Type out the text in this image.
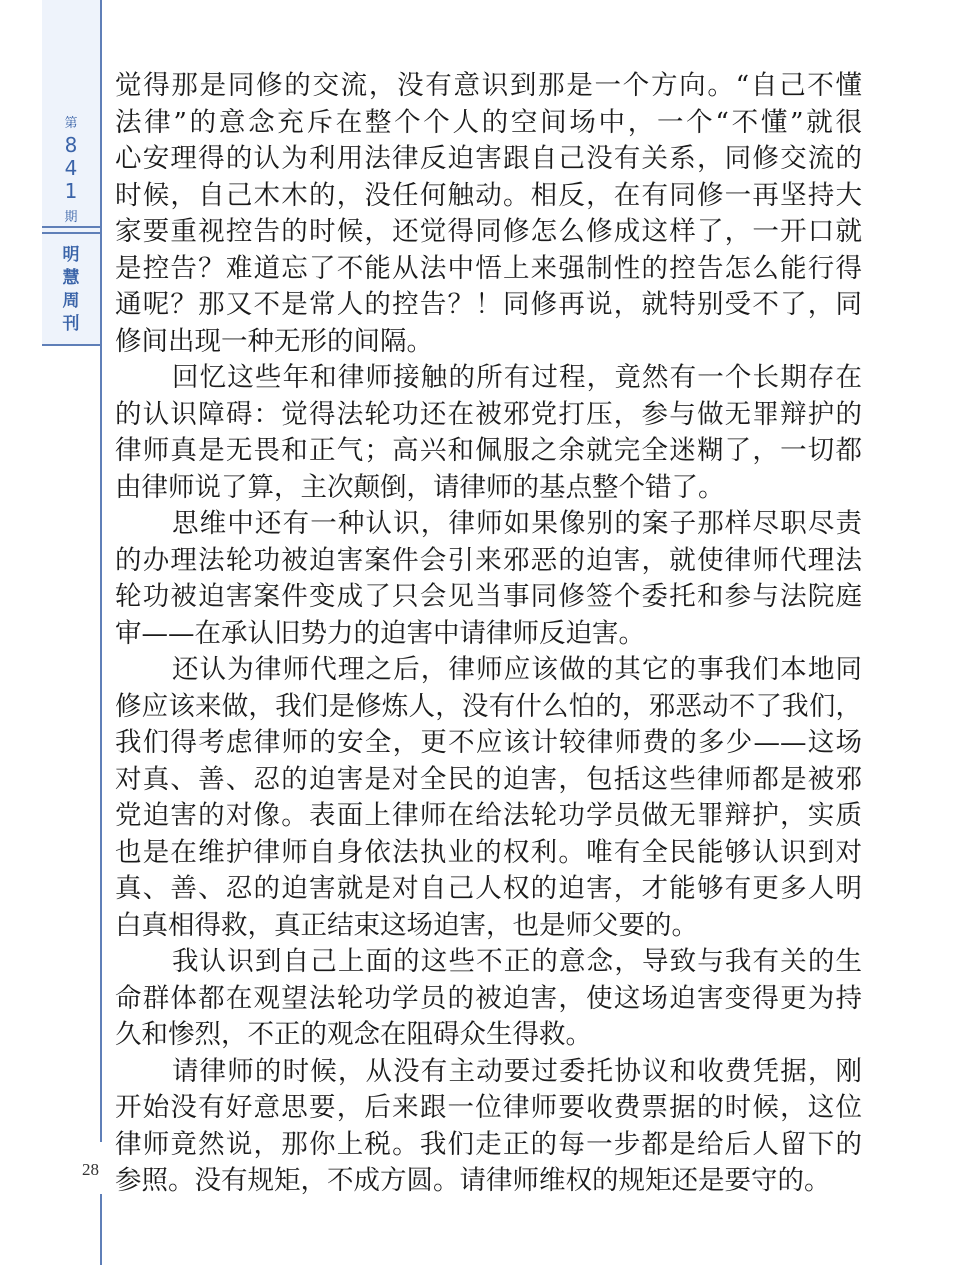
第
8
4
1
期
明
慧
周
刊
觉得那是同修的交流，没有意识到那是一个方向。“自己不懂
法律”的意念充斥在整个个人的空间场中，一个“不懂”就很
心安理得的认为利用法律反迫害跟自己没有关系，同修交流的
时候，自己木木的，没任何触动。相反，在有同修一再坚持大
家要重视控告的时候，还觉得同修怎么修成这样了，一开口就
是控告？难道忘了不能从法中悟上来强制性的控告怎么能行得
通呢？那又不是常人的控告？！同修再说，就特别受不了，同
修间出现一种无形的间隔。
回忆这些年和律师接触的所有过程，竟然有一个长期存在
的认识障碍：觉得法轮功还在被邪党打压，参与做无罪辩护的
律师真是无畏和正气；高兴和佩服之余就完全迷糊了，一切都
由律师说了算，主次颠倒，请律师的基点整个错了。
思维中还有一种认识，律师如果像别的案子那样尽职尽责
的办理法轮功被迫害案件会引来邪恶的迫害，就使律师代理法
轮功被迫害案件变成了只会见当事同修签个委托和参与法院庭
审——在承认旧势力的迫害中请律师反迫害。
还认为律师代理之后，律师应该做的其它的事我们本地同
修应该来做，我们是修炼人，没有什么怕的，邪恶动不了我们，
我们得考虑律师的安全，更不应该计较律师费的多少——这场
对真、善、忍的迫害是对全民的迫害，包括这些律师都是被邪
党迫害的对像。表面上律师在给法轮功学员做无罪辩护，实质
也是在维护律师自身依法执业的权利。唯有全民能够认识到对
真、善、忍的迫害就是对自己人权的迫害，才能够有更多人明
白真相得救，真正结束这场迫害，也是师父要的。
我认识到自己上面的这些不正的意念，导致与我有关的生
命群体都在观望法轮功学员的被迫害，使这场迫害变得更为持
久和惨烈，不正的观念在阻碍众生得救。
请律师的时候，从没有主动要过委托协议和收费凭据，刚
开始没有好意思要，后来跟一位律师要收费票据的时候，这位
律师竟然说，那你上税。我们走正的每一步都是给后人留下的
参照。没有规矩，不成方圆。请律师维权的规矩还是要守的。
28
